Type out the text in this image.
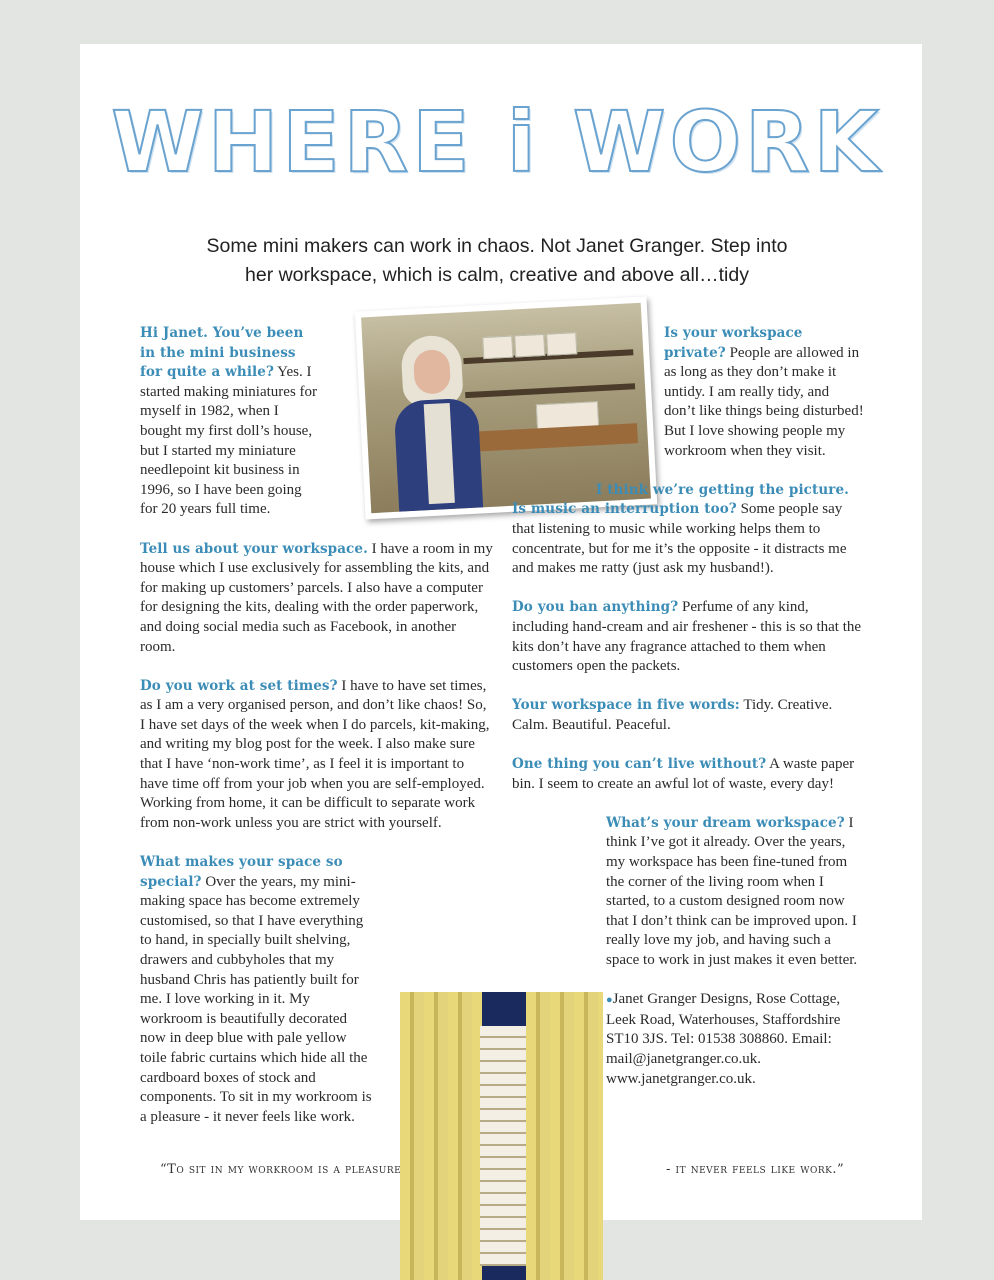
WHERE i WORK
Some mini makers can work in chaos. Not Janet Granger. Step into
her workspace, which is calm, creative and above all…tidy

Hi Janet. You’ve been in the mini business for quite a while? Yes. I started making miniatures for myself in 1982, when I bought my first doll’s house, but I started my miniature needlepoint kit business in 1996, so I have been going for 20 years full time.

Tell us about your workspace. I have a room in my house which I use exclusively for assembling the kits, and for making up customers’ parcels. I also have a computer for designing the kits, dealing with the order paperwork, and doing social media such as Facebook, in another room.

Do you work at set times? I have to have set times, as I am a very organised person, and don’t like chaos! So, I have set days of the week when I do parcels, kit-making, and writing my blog post for the week. I also make sure that I have ‘non-work time’, as I feel it is important to have time off from your job when you are self-employed. Working from home, it can be difficult to separate work from non-work unless you are strict with yourself.

What makes your space so special? Over the years, my mini-making space has become extremely customised, so that I have everything to hand, in specially built shelving, drawers and cubbyholes that my husband Chris has patiently built for me. I love working in it. My workroom is beautifully decorated now in deep blue with pale yellow toile fabric curtains which hide all the cardboard boxes of stock and components. To sit in my workroom is a pleasure - it never feels like work.

Is your workspace private? People are allowed in as long as they don’t make it untidy. I am really tidy, and don’t like things being disturbed! But I love showing people my workroom when they visit.

I think we’re getting the picture. Is music an interruption too? Some people say that listening to music while working helps them to concentrate, but for me it’s the opposite - it distracts me and makes me ratty (just ask my husband!).

Do you ban anything? Perfume of any kind, including hand-cream and air freshener - this is so that the kits don’t have any fragrance attached to them when customers open the packets.

Your workspace in five words: Tidy. Creative. Calm. Beautiful. Peaceful.

One thing you can’t live without? A waste paper bin. I seem to create an awful lot of waste, every day!

What’s your dream workspace? I think I’ve got it already. Over the years, my workspace has been fine-tuned from the corner of the living room when I started, to a custom designed room now that I don’t think can be improved upon. I really love my job, and having such a space to work in just makes it even better.

●Janet Granger Designs, Rose Cottage, Leek Road, Waterhouses, Staffordshire ST10 3JS. Tel: 01538 308860. Email: mail@janetgranger.co.uk. www.janetgranger.co.uk.

“To sit in my workroom is a pleasure	- it never feels like work.”
